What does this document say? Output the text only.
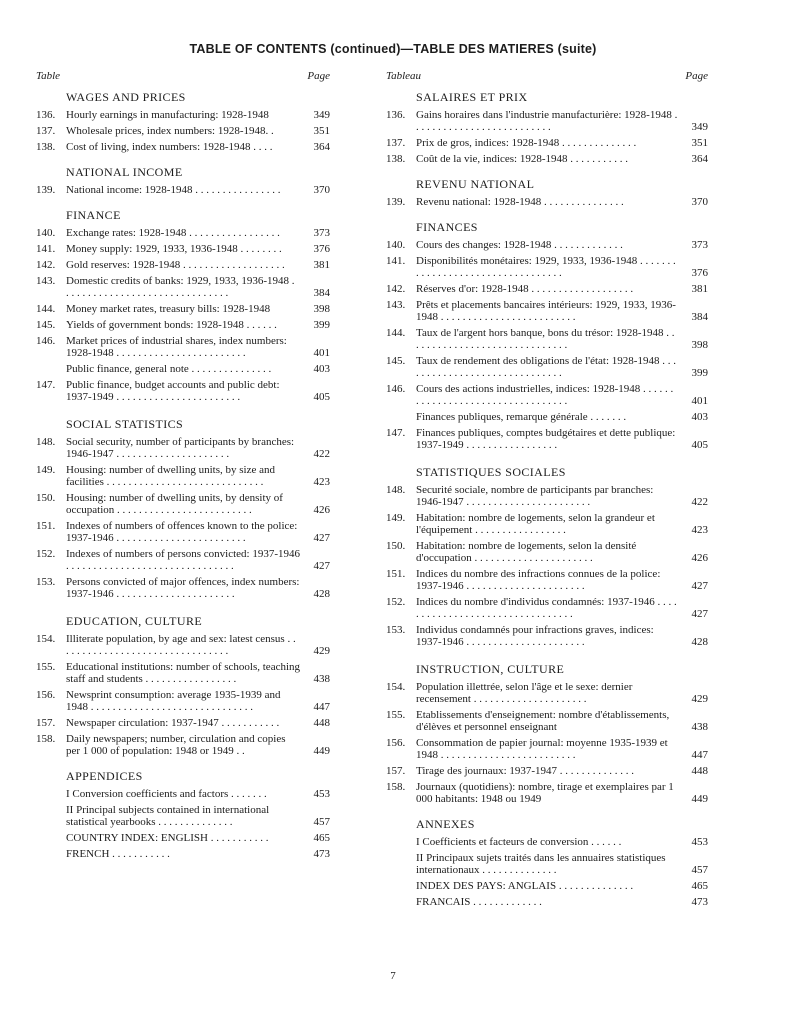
TABLE OF CONTENTS (continued)—TABLE DES MATIERES (suite)
Table	Page
WAGES AND PRICES
136. Hourly earnings in manufacturing: 1928-1948	349
137. Wholesale prices, index numbers: 1928-1948. .	351
138. Cost of living, index numbers: 1928-1948 . . . .	364
NATIONAL INCOME
139. National income: 1928-1948 . . . . . . . . . . . . . . . .	370
FINANCE
140. Exchange rates: 1928-1948 . . . . . . . . . . . . . . . . .	373
141. Money supply: 1929, 1933, 1936-1948 . . . . . . . .	376
142. Gold reserves: 1928-1948 . . . . . . . . . . . . . . . . . . .	381
143. Domestic credits of banks: 1929, 1933, 1936-1948 . . . . . . . . . . . . . . . . . . . . . . . . . . . . . . .	384
144. Money market rates, treasury bills: 1928-1948	398
145. Yields of government bonds: 1928-1948 . . . . . .	399
146. Market prices of industrial shares, index numbers: 1928-1948 . . . . . . . . . . . . . . . . . . . . . . . .	401
Public finance, general note . . . . . . . . . . . . . . .	403
147. Public finance, budget accounts and public debt: 1937-1949 . . . . . . . . . . . . . . . . . . . . . . .	405
SOCIAL STATISTICS
148. Social security, number of participants by branches: 1946-1947 . . . . . . . . . . . . . . . . . . . . .	422
149. Housing: number of dwelling units, by size and facilities . . . . . . . . . . . . . . . . . . . . . . . . . . . . .	423
150. Housing: number of dwelling units, by density of occupation . . . . . . . . . . . . . . . . . . . . . . . . .	426
151. Indexes of numbers of offences known to the police: 1937-1946 . . . . . . . . . . . . . . . . . . . . . . . .	427
152. Indexes of numbers of persons convicted: 1937-1946 . . . . . . . . . . . . . . . . . . . . . . . . . . . . . . .	427
153. Persons convicted of major offences, index numbers: 1937-1946 . . . . . . . . . . . . . . . . . . . . . .	428
EDUCATION, CULTURE
154. Illiterate population, by age and sex: latest census . . . . . . . . . . . . . . . . . . . . . . . . . . . . . . . .	429
155. Educational institutions: number of schools, teaching staff and students . . . . . . . . . . . . . . . . .	438
156. Newsprint consumption: average 1935-1939 and 1948 . . . . . . . . . . . . . . . . . . . . . . . . . . . . . .	447
157. Newspaper circulation: 1937-1947 . . . . . . . . . . .	448
158. Daily newspapers; number, circulation and copies per 1 000 of population: 1948 or 1949 . .	449
APPENDICES
I Conversion coefficients and factors . . . . . . .	453
II Principal subjects contained in international statistical yearbooks . . . . . . . . . . . . . .	457
COUNTRY INDEX: ENGLISH . . . . . . . . . . .	465
FRENCH . . . . . . . . . . .	473
Tableau	Page
SALAIRES ET PRIX
136. Gains horaires dans l'industrie manufacturière: 1928-1948 . . . . . . . . . . . . . . . . . . . . . . . . . .	349
137. Prix de gros, indices: 1928-1948 . . . . . . . . . . . . . .	351
138. Coût de la vie, indices: 1928-1948 . . . . . . . . . . .	364
REVENU NATIONAL
139. Revenu national: 1928-1948 . . . . . . . . . . . . . . .	370
FINANCES
140. Cours des changes: 1928-1948 . . . . . . . . . . . . .	373
141. Disponibilités monétaires: 1929, 1933, 1936-1948 . . . . . . . . . . . . . . . . . . . . . . . . . . . . . . . . . .	376
142. Réserves d'or: 1928-1948 . . . . . . . . . . . . . . . . . . .	381
143. Prêts et placements bancaires intérieurs: 1929, 1933, 1936-1948 . . . . . . . . . . . . . . . . . . . . . . . . .	384
144. Taux de l'argent hors banque, bons du trésor: 1928-1948 . . . . . . . . . . . . . . . . . . . . . . . . . . . . . .	398
145. Taux de rendement des obligations de l'état: 1928-1948 . . . . . . . . . . . . . . . . . . . . . . . . . . . . . .	399
146. Cours des actions industrielles, indices: 1928-1948 . . . . . . . . . . . . . . . . . . . . . . . . . . . . . . . . . .	401
Finances publiques, remarque générale . . . . . . .	403
147. Finances publiques, comptes budgétaires et dette publique: 1937-1949 . . . . . . . . . . . . . . . . .	405
STATISTIQUES SOCIALES
148. Securité sociale, nombre de participants par branches: 1946-1947 . . . . . . . . . . . . . . . . . . . . . . .	422
149. Habitation: nombre de logements, selon la grandeur et l'équipement . . . . . . . . . . . . . . . . .	423
150. Habitation: nombre de logements, selon la densité d'occupation . . . . . . . . . . . . . . . . . . . . . .	426
151. Indices du nombre des infractions connues de la police: 1937-1946 . . . . . . . . . . . . . . . . . . . . . .	427
152. Indices du nombre d'individus condamnés: 1937-1946 . . . . . . . . . . . . . . . . . . . . . . . . . . . . . . . . .	427
153. Individus condamnés pour infractions graves, indices: 1937-1946 . . . . . . . . . . . . . . . . . . . . . .	428
INSTRUCTION, CULTURE
154. Population illettrée, selon l'âge et le sexe: dernier recensement . . . . . . . . . . . . . . . . . . . . .	429
155. Etablissements d'enseignement: nombre d'établissements, d'élèves et personnel enseignant	438
156. Consommation de papier journal: moyenne 1935-1939 et 1948 . . . . . . . . . . . . . . . . . . . . . . . . .	447
157. Tirage des journaux: 1937-1947 . . . . . . . . . . . . . .	448
158. Journaux (quotidiens): nombre, tirage et exemplaires par 1 000 habitants: 1948 ou 1949	449
ANNEXES
I Coefficients et facteurs de conversion . . . . . .	453
II Principaux sujets traités dans les annuaires statistiques internationaux . . . . . . . . . . . . . .	457
INDEX DES PAYS: ANGLAIS . . . . . . . . . . . . . .	465
FRANCAIS . . . . . . . . . . . . .	473
7
